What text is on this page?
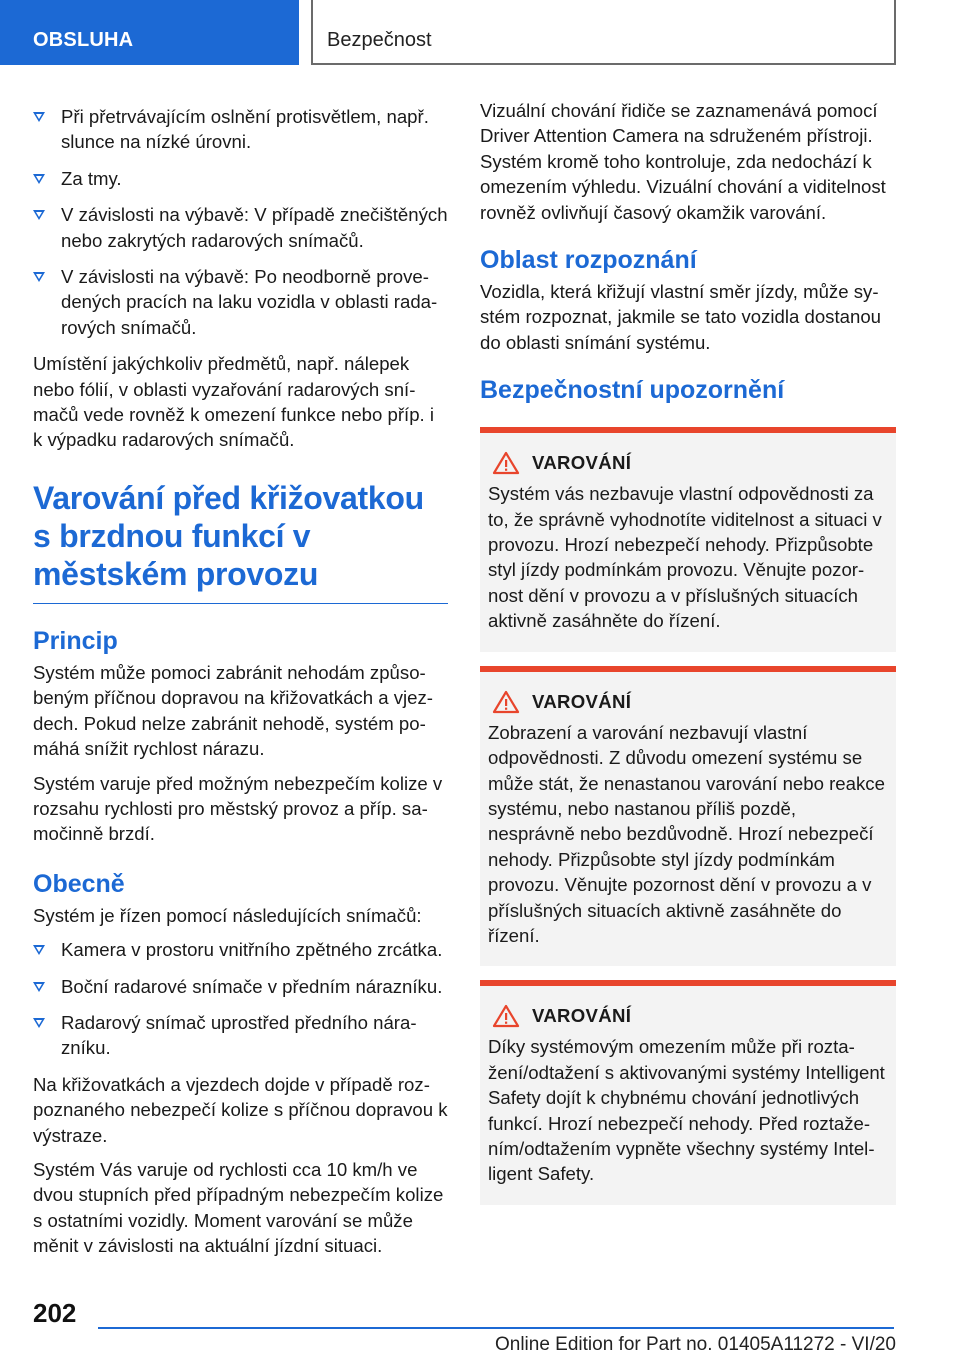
OBSLUHA	Bezpečnost
Při přetrvávajícím oslnění protisvětlem, např. slunce na nízké úrovni.
Za tmy.
V závislosti na výbavě: V případě znečištěných nebo zakrytých radarových snímačů.
V závislosti na výbavě: Po neodborně provedených pracích na laku vozidla v oblasti radarových snímačů.

Umístění jakýchkoliv předmětů, např. nálepek nebo fólií, v oblasti vyzařování radarových snímačů vede rovněž k omezení funkce nebo příp. i k výpadku radarových snímačů.

Varování před křižovatkou s brzdnou funkcí v městském provozu
Princip

Systém může pomoci zabránit nehodám způsobeným příčnou dopravou na křižovatkách a vjezdech. Pokud nelze zabránit nehodě, systém pomáhá snížit rychlost nárazu.

Systém varuje před možným nebezpečím kolize v rozsahu rychlosti pro městský provoz a příp. samočinně brzdí.

Obecně

Systém je řízen pomocí následujících snímačů:

Kamera v prostoru vnitřního zpětného zrcátka.
Boční radarové snímače v předním nárazníku.
Radarový snímač uprostřed předního nárazníku.

Na křižovatkách a vjezdech dojde v případě rozpoznaného nebezpečí kolize s příčnou dopravou k výstraze.

Systém Vás varuje od rychlosti cca 10 km/h ve dvou stupních před případným nebezpečím kolize s ostatními vozidly. Moment varování se může měnit v závislosti na aktuální jízdní situaci.

Vizuální chování řidiče se zaznamenává pomocí Driver Attention Camera na sdruženém přístroji. Systém kromě toho kontroluje, zda nedochází k omezením výhledu. Vizuální chování a viditelnost rovněž ovlivňují časový okamžik varování.

Oblast rozpoznání

Vozidla, která křižují vlastní směr jízdy, může systém rozpoznat, jakmile se tato vozidla dostanou do oblasti snímání systému.

Bezpečnostní upozornění
VAROVÁNÍ

Systém vás nezbavuje vlastní odpovědnosti za to, že správně vyhodnotíte viditelnost a situaci v provozu. Hrozí nebezpečí nehody. Přizpůsobte styl jízdy podmínkám provozu. Věnujte pozornost dění v provozu a v příslušných situacích aktivně zasáhněte do řízení.

VAROVÁNÍ

Zobrazení a varování nezbavují vlastní odpovědnosti. Z důvodu omezení systému se může stát, že nenastanou varování nebo reakce systému, nebo nastanou příliš pozdě, nesprávně nebo bezdůvodně. Hrozí nebezpečí nehody. Přizpůsobte styl jízdy podmínkám provozu. Věnujte pozornost dění v provozu a v příslušných situacích aktivně zasáhněte do řízení.

VAROVÁNÍ

Díky systémovým omezením může při roztažení/odtažení s aktivovanými systémy Intelligent Safety dojít k chybnému chování jednotlivých funkcí. Hrozí nebezpečí nehody. Před roztažením/odtažením vypněte všechny systémy Intelligent Safety.

202
Online Edition for Part no. 01405A11272 - VI/20
